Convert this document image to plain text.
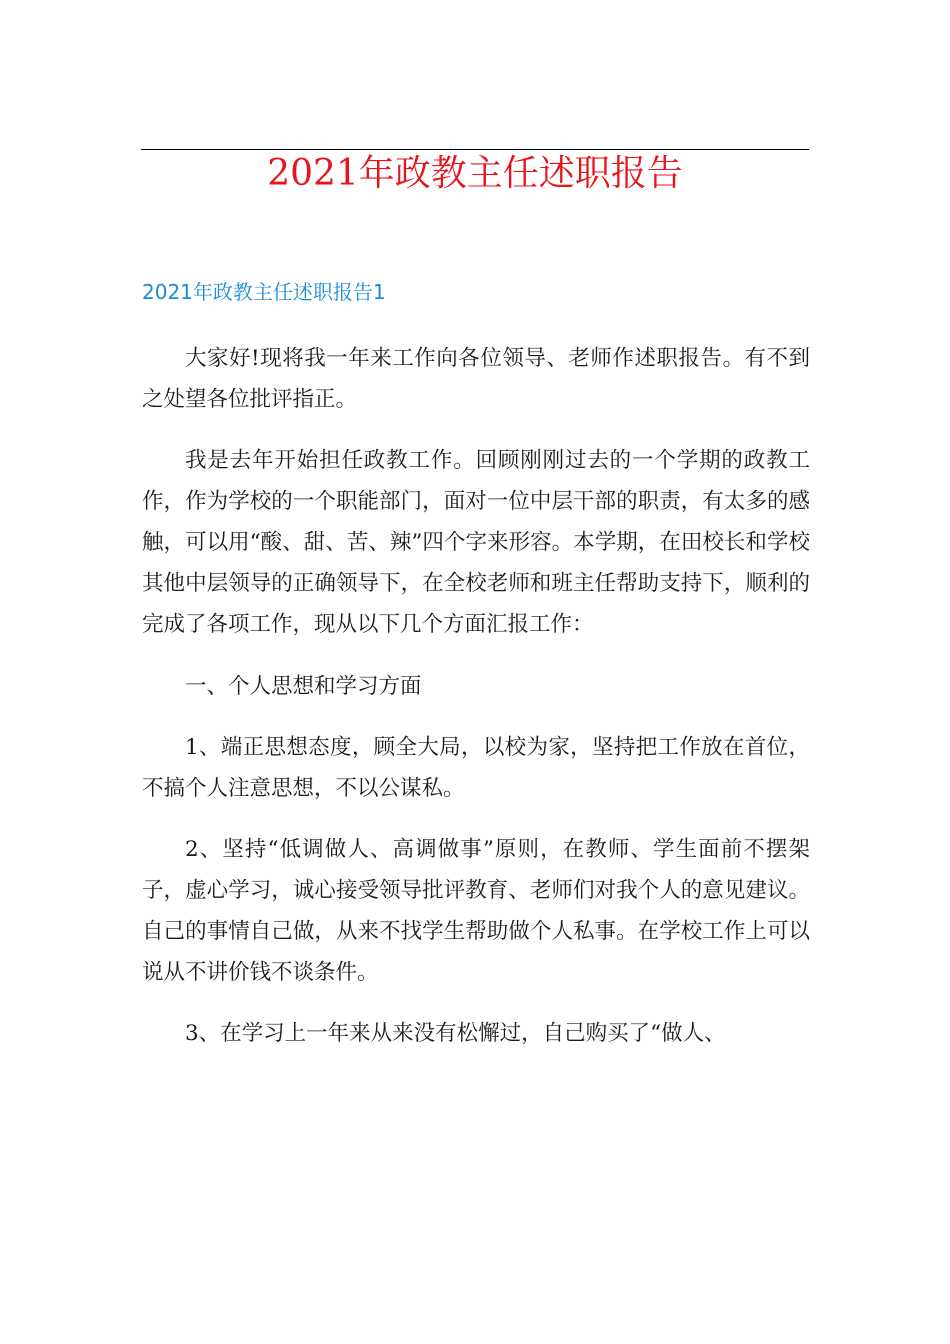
2021年政教主任述职报告
2021年政教主任述职报告1

大家好!现将我一年来工作向各位领导、老师作述职报告。有不到之处望各位批评指正。

我是去年开始担任政教工作。回顾刚刚过去的一个学期的政教工作，作为学校的一个职能部门，面对一位中层干部的职责，有太多的感触，可以用“酸、甜、苦、辣”四个字来形容。本学期，在田校长和学校其他中层领导的正确领导下，在全校老师和班主任帮助支持下，顺利的完成了各项工作，现从以下几个方面汇报工作：

一、个人思想和学习方面

1、端正思想态度，顾全大局，以校为家，坚持把工作放在首位，不搞个人注意思想，不以公谋私。

2、坚持“低调做人、高调做事”原则，在教师、学生面前不摆架子，虚心学习，诚心接受领导批评教育、老师们对我个人的意见建议。自己的事情自己做，从来不找学生帮助做个人私事。在学校工作上可以说从不讲价钱不谈条件。

3、在学习上一年来从来没有松懈过，自己购买了“做人、
